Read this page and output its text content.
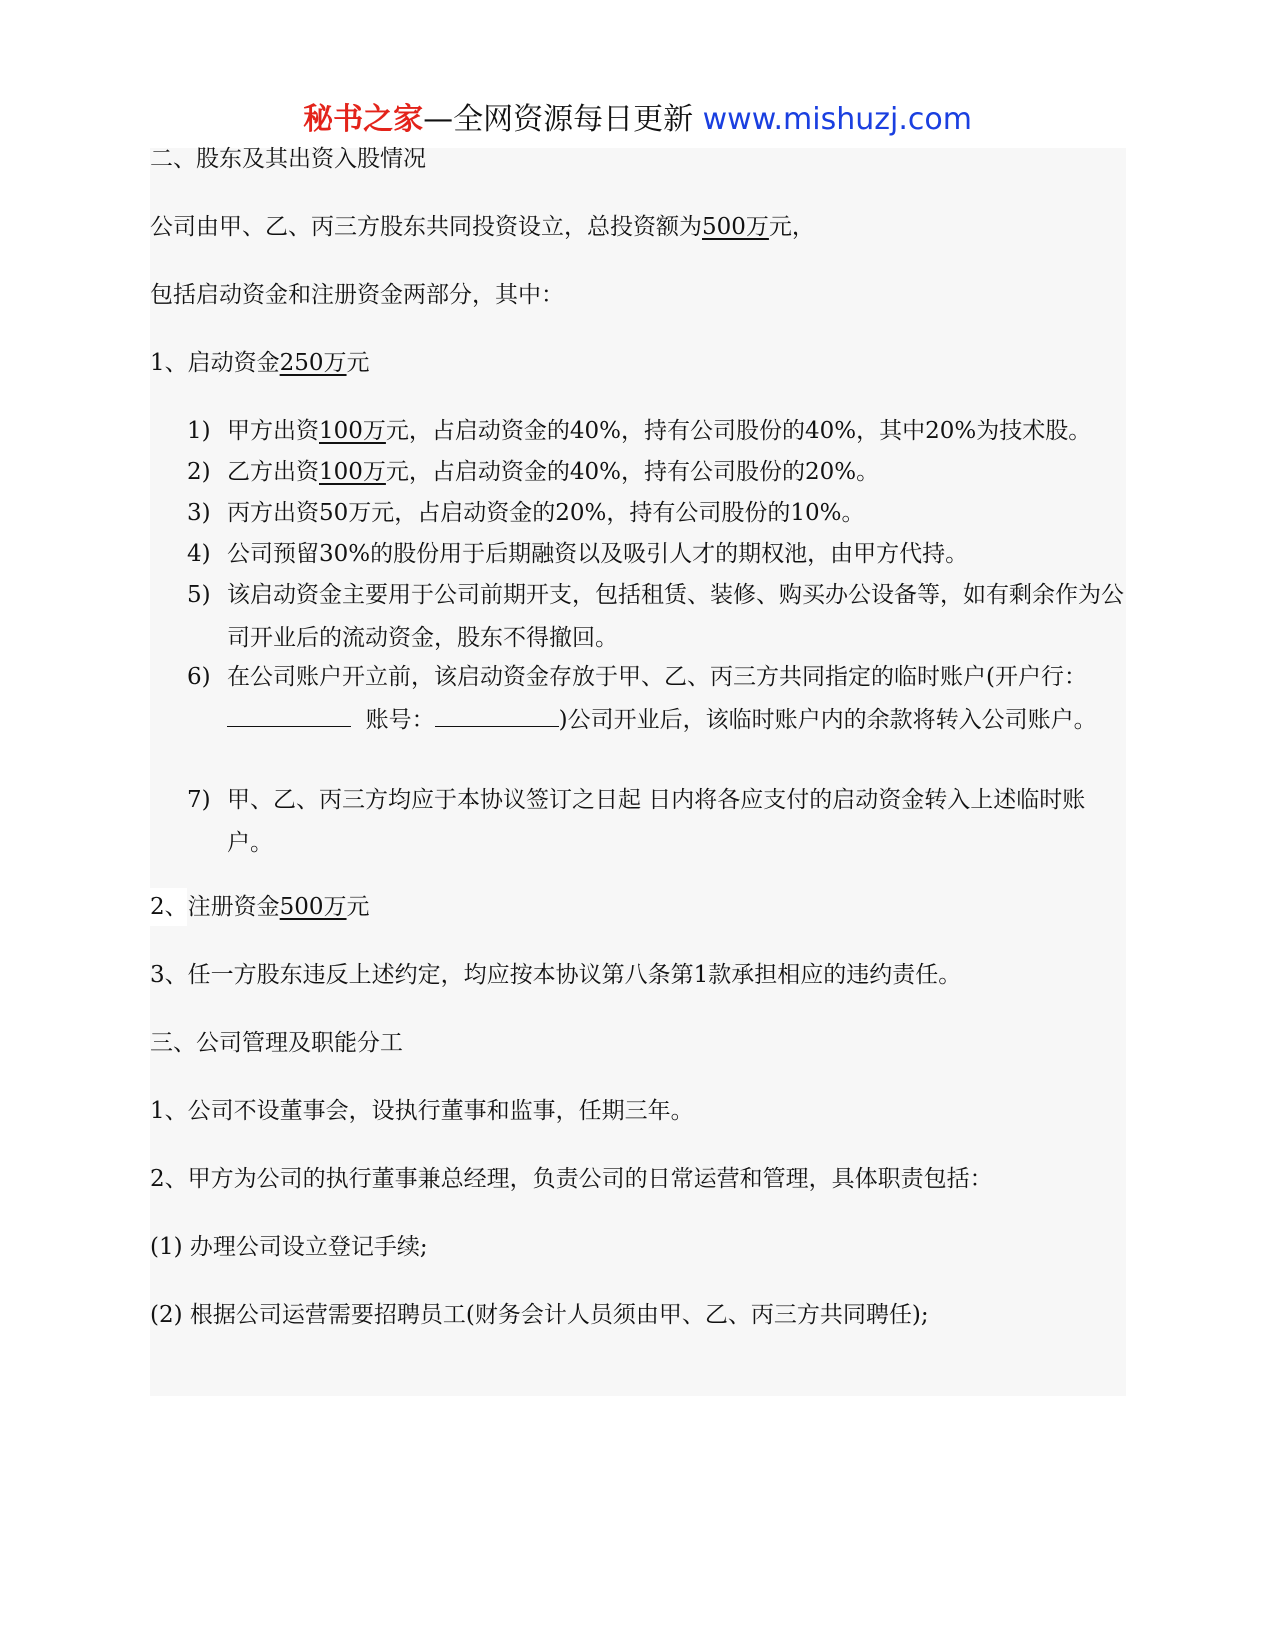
秘书之家—全网资源每日更新 www.mishuzj.com
二、股东及其出资入股情况
公司由甲、乙、丙三方股东共同投资设立，总投资额为500万元，
包括启动资金和注册资金两部分，其中：
1、启动资金250万元
1) 甲方出资100万元，占启动资金的40%，持有公司股份的40%，其中20%为技术股。
2) 乙方出资100万元，占启动资金的40%，持有公司股份的20%。
3) 丙方出资50万元，占启动资金的20%，持有公司股份的10%。
4) 公司预留30%的股份用于后期融资以及吸引人才的期权池，由甲方代持。
5) 该启动资金主要用于公司前期开支，包括租赁、装修、购买办公设备等，如有剩余作为公司开业后的流动资金，股东不得撤回。
6) 在公司账户开立前，该启动资金存放于甲、乙、丙三方共同指定的临时账户(开户行：  账号：	)公司开业后，该临时账户内的余款将转入公司账户。
7) 甲、乙、丙三方均应于本协议签订之日起 日内将各应支付的启动资金转入上述临时账户。
2、注册资金500万元
3、任一方股东违反上述约定，均应按本协议第八条第1款承担相应的违约责任。
三、公司管理及职能分工
1、公司不设董事会，设执行董事和监事，任期三年。
2、甲方为公司的执行董事兼总经理，负责公司的日常运营和管理，具体职责包括：
(1) 办理公司设立登记手续;
(2) 根据公司运营需要招聘员工(财务会计人员须由甲、乙、丙三方共同聘任);
